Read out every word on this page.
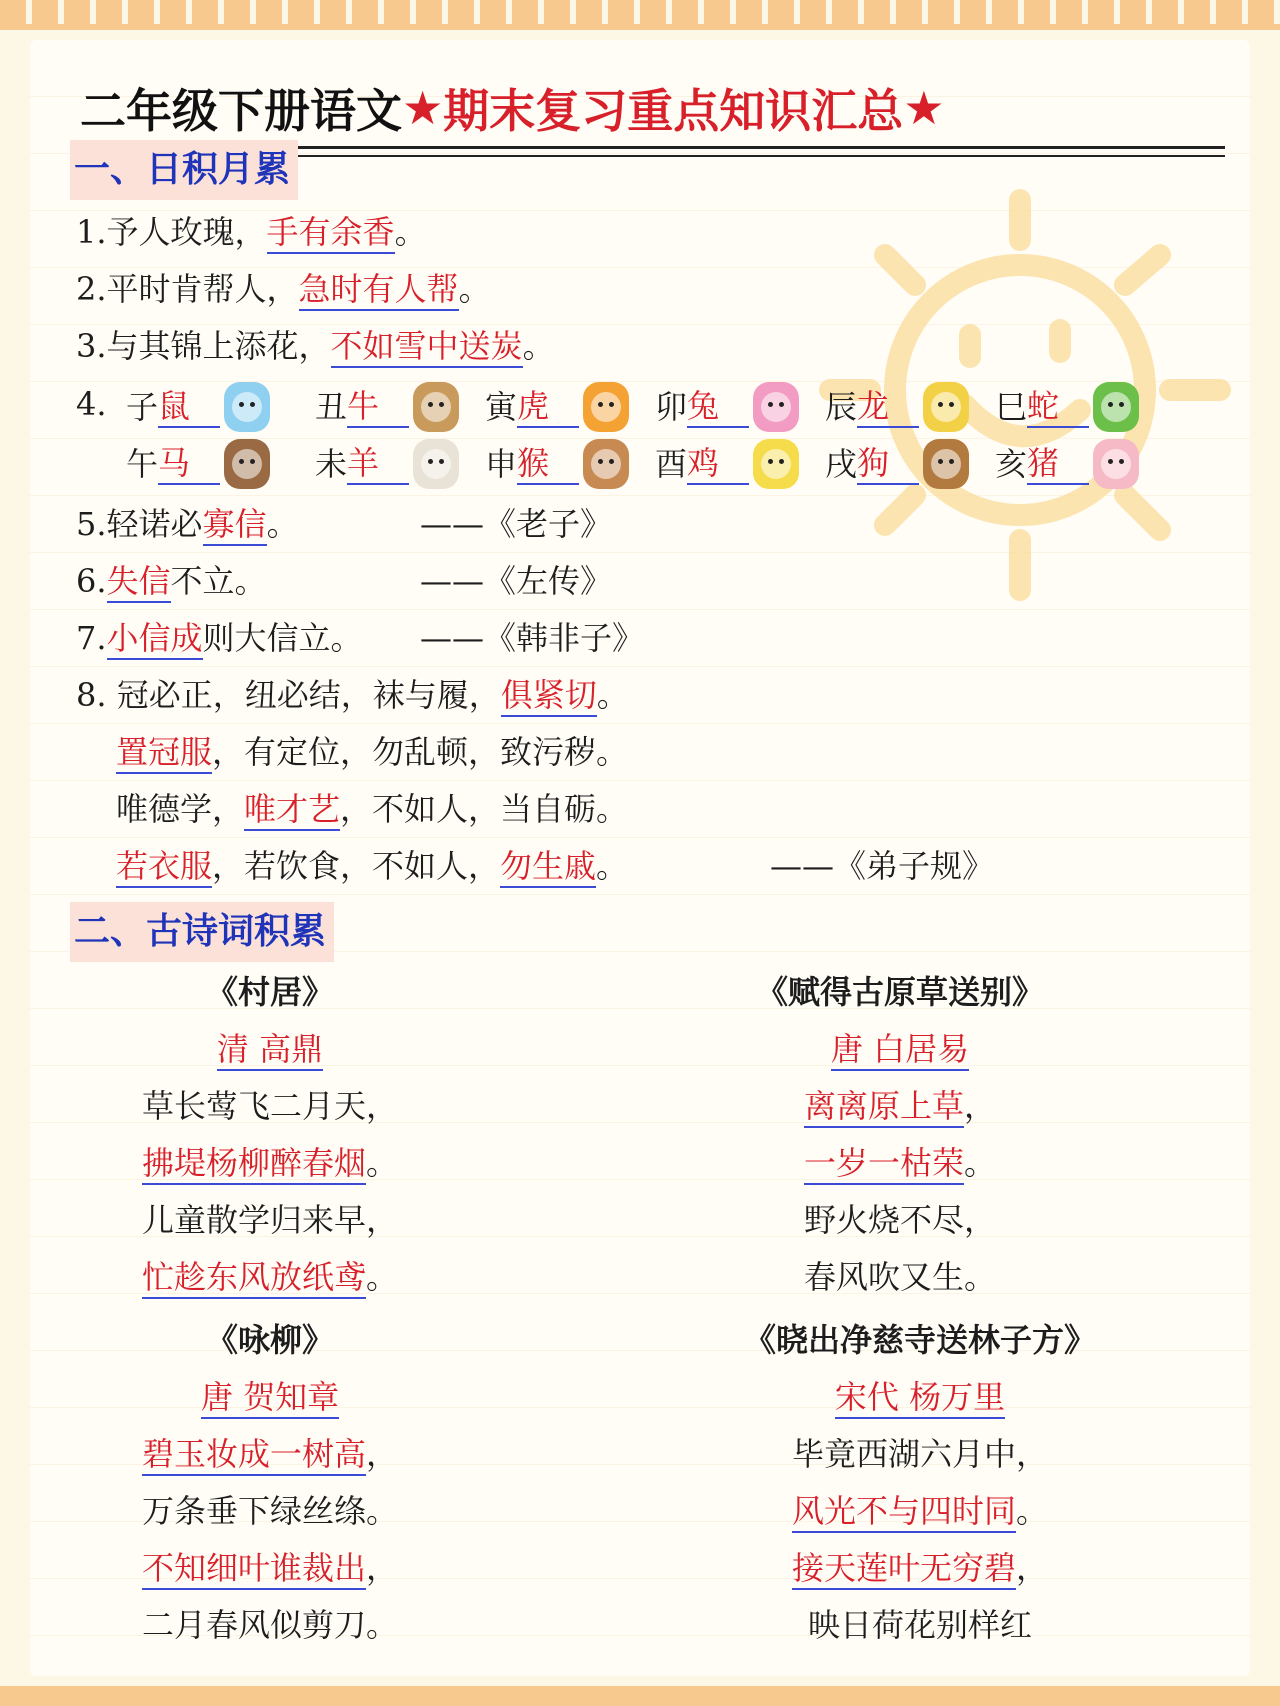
二年级下册语文 ★ 期末复习重点知识汇总 ★
一、日积月累
1.予人玫瑰，手有余香。
2.平时肯帮人，急时有人帮。
3.与其锦上添花，不如雪中送炭。
4.
5.轻诺必寡信。	——《老子》
6.失信不立。	——《左传》
7.小信成则大信立。 ——《韩非子》
8. 冠必正，纽必结，袜与履，俱紧切。
置冠服，有定位，勿乱顿，致污秽。
唯德学，唯才艺，不如人，当自砺。
若衣服，若饮食，不如人，勿生戚。	——《弟子规》
二、古诗词积累
《村居》
清 高鼎
草长莺飞二月天，
拂堤杨柳醉春烟。
儿童散学归来早，
忙趁东风放纸鸢。
《赋得古原草送别》
唐 白居易
离离原上草，
一岁一枯荣。
野火烧不尽，
春风吹又生。
《咏柳》
唐 贺知章
碧玉妆成一树高，
万条垂下绿丝绦。
不知细叶谁裁出，
二月春风似剪刀。
《晓出净慈寺送林子方》
宋代 杨万里
毕竟西湖六月中，
风光不与四时同。
接天莲叶无穷碧，
映日荷花别样红
子 鼠	丑 牛	寅 虎	卯 兔	辰 龙	巳 蛇
午 马	未 羊	申 猴	酉 鸡	戌 狗	亥 猪
